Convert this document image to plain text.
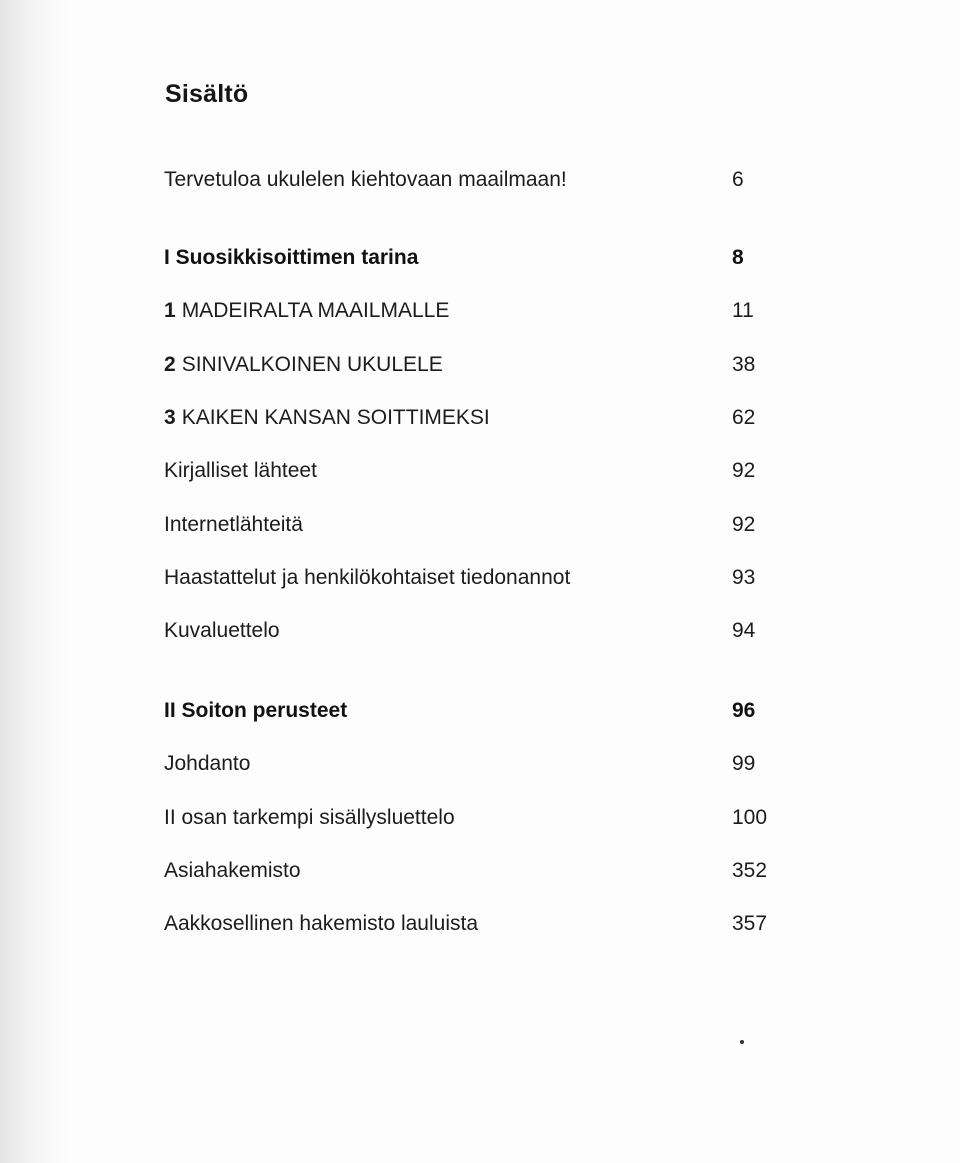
Sisältö
Tervetuloa ukulelen kiehtovaan maailmaan!	6
I Suosikkisoittimen tarina	8
1 MADEIRALTA MAAILMALLE	11
2 SINIVALKOINEN UKULELE	38
3 KAIKEN KANSAN SOITTIMEKSI	62
Kirjalliset lähteet	92
Internetlähteitä	92
Haastattelut ja henkilökohtaiset tiedonannot	93
Kuvaluettelo	94
II Soiton perusteet	96
Johdanto	99
II osan tarkempi sisällysluettelo	100
Asiahakemisto	352
Aakkosellinen hakemisto lauluista	357
